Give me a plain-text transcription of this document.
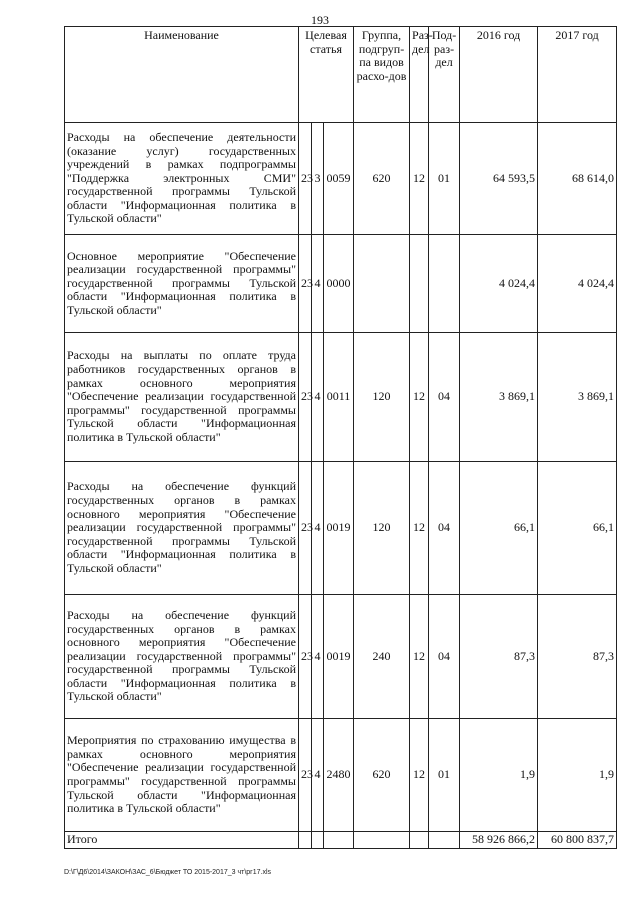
193
Наименование	Целевая статья			Группа, подгруп-па видов расхо-дов	Раз-дел	Под-раз-дел	2016 год	2017 год
Расходы на обеспечение деятельности (оказание услуг) государственных учреждений в рамках подпрограммы "Поддержка электронных СМИ" государственной программы Тульской области "Информационная политика в Тульской области"	23	3	0059	620	12	01	64 593,5	68 614,0
Основное мероприятие "Обеспечение реализации государственной программы" государственной программы Тульской области "Информационная политика в Тульской области"	23	4	0000				4 024,4	4 024,4
Расходы на выплаты по оплате труда работников государственных органов в рамках основного мероприятия "Обеспечение реализации государственной программы" государственной программы Тульской области "Информационная политика в Тульской области"	23	4	0011	120	12	04	3 869,1	3 869,1
Расходы на обеспечение функций государственных органов в рамках основного мероприятия "Обеспечение реализации государственной программы" государственной программы Тульской области "Информационная политика в Тульской области"	23	4	0019	120	12	04	66,1	66,1
Расходы на обеспечение функций государственных органов в рамках основного мероприятия "Обеспечение реализации государственной программы" государственной программы Тульской области "Информационная политика в Тульской области"	23	4	0019	240	12	04	87,3	87,3
Мероприятия по страхованию имущества в рамках основного мероприятия "Обеспечение реализации государственной программы" государственной программы Тульской области "Информационная политика в Тульской области"	23	4	2480	620	12	01	1,9	1,9
Итого							58 926 866,2	60 800 837,7
D:\Г\Д6\2014\ЗАКОН\ЗАС_6\Бюджет ТО 2015-2017_3 чт\рг17.xls
